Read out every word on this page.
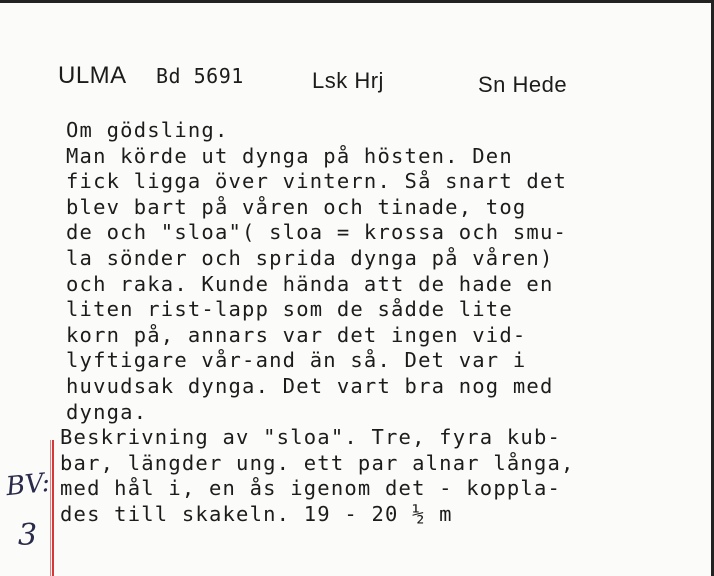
ULMA Bd 5691	Lsk Hrj	Sn Hede
Om gödsling.
Man körde ut dynga på hösten. Den
fick ligga över vintern. Så snart det
blev bart på våren och tinade, tog
de och "sloa"( sloa = krossa och smu-
la sönder och sprida dynga på våren)
och raka. Kunde hända att de hade en
liten rist-lapp som de sådde lite
korn på, annars var det ingen vid-
lyftigare vår-and än så. Det var i
huvudsak dynga. Det vart bra nog med
dynga.
Beskrivning av "sloa". Tre, fyra kub-
bar, längder ung. ett par alnar långa,
med hål i, en ås igenom det - koppla-
des till skakeln. 19 - 20 ½ m
BV:
3
